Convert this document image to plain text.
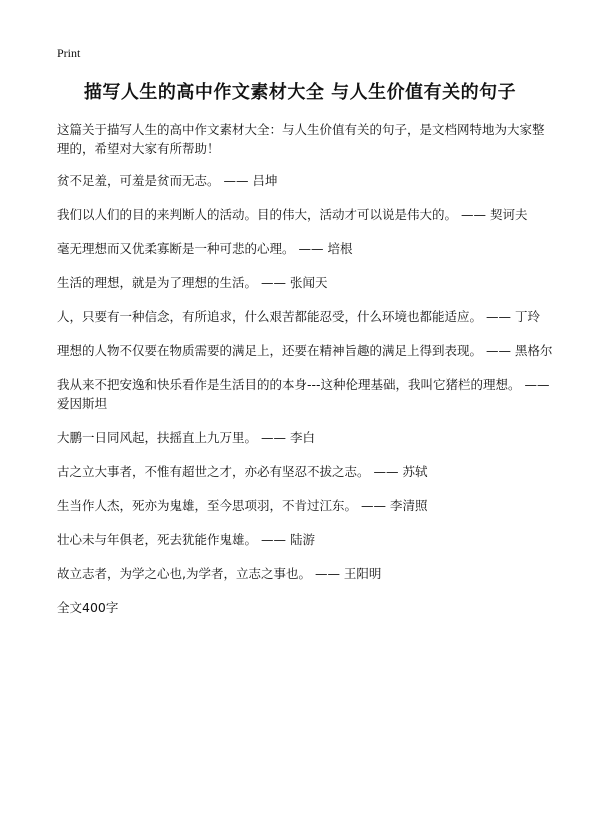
Print
描写人生的高中作文素材大全 与人生价值有关的句子

这篇关于描写人生的高中作文素材大全：与人生价值有关的句子，是文档网特地为大家整理的，希望对大家有所帮助！

贫不足羞，可羞是贫而无志。 —— 吕坤

我们以人们的目的来判断人的活动。目的伟大，活动才可以说是伟大的。 —— 契诃夫

毫无理想而又优柔寡断是一种可悲的心理。 —— 培根

生活的理想，就是为了理想的生活。 —— 张闻天

人，只要有一种信念，有所追求，什么艰苦都能忍受，什么环境也都能适应。 —— 丁玲

理想的人物不仅要在物质需要的满足上，还要在精神旨趣的满足上得到表现。 —— 黑格尔

我从来不把安逸和快乐看作是生活目的的本身---这种伦理基础，我叫它猪栏的理想。 —— 爱因斯坦

大鹏一日同风起，扶摇直上九万里。 —— 李白

古之立大事者，不惟有超世之才，亦必有坚忍不拔之志。 —— 苏轼

生当作人杰，死亦为鬼雄，至今思项羽，不肯过江东。 —— 李清照

壮心未与年俱老，死去犹能作鬼雄。 —— 陆游

故立志者，为学之心也,为学者，立志之事也。 —— 王阳明

全文400字
